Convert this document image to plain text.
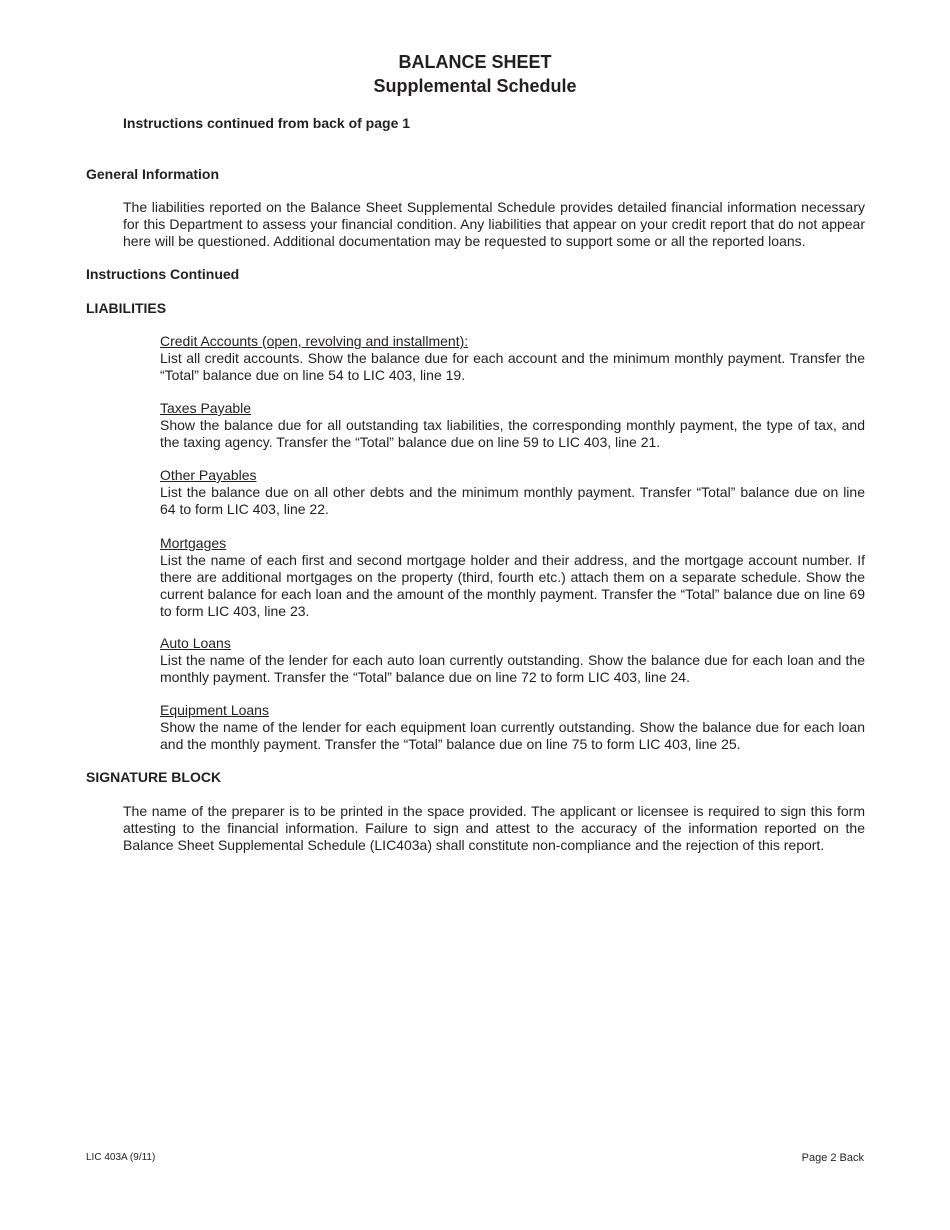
BALANCE SHEET
Supplemental Schedule
Instructions continued from back of page 1
General Information

The liabilities reported on the Balance Sheet Supplemental Schedule provides detailed financial information necessary for this Department to assess your financial condition. Any liabilities that appear on your credit report that do not appear here will be questioned. Additional documentation may be requested to support some or all the reported loans.

Instructions Continued
LIABILITIES
Credit Accounts (open, revolving and installment):
List all credit accounts. Show the balance due for each account and the minimum monthly payment. Transfer the “Total” balance due on line 54 to LIC 403, line 19.
Taxes Payable
Show the balance due for all outstanding tax liabilities, the corresponding monthly payment, the type of tax, and the taxing agency. Transfer the “Total” balance due on line 59 to LIC 403, line 21.
Other Payables
List the balance due on all other debts and the minimum monthly payment. Transfer “Total” balance due on line 64 to form LIC 403, line 22.
Mortgages
List the name of each first and second mortgage holder and their address, and the mortgage account number. If there are additional mortgages on the property (third, fourth etc.) attach them on a separate schedule. Show the current balance for each loan and the amount of the monthly payment. Transfer the “Total” balance due on line 69 to form LIC 403, line 23.
Auto Loans
List the name of the lender for each auto loan currently outstanding. Show the balance due for each loan and the monthly payment. Transfer the “Total” balance due on line 72 to form LIC 403, line 24.
Equipment Loans
Show the name of the lender for each equipment loan currently outstanding. Show the balance due for each loan and the monthly payment. Transfer the “Total” balance due on line 75 to form LIC 403, line 25.
SIGNATURE BLOCK

The name of the preparer is to be printed in the space provided. The applicant or licensee is required to sign this form attesting to the financial information. Failure to sign and attest to the accuracy of the information reported on the Balance Sheet Supplemental Schedule (LIC403a) shall constitute non-compliance and the rejection of this report.

LIC 403A (9/11)	Page 2 Back
